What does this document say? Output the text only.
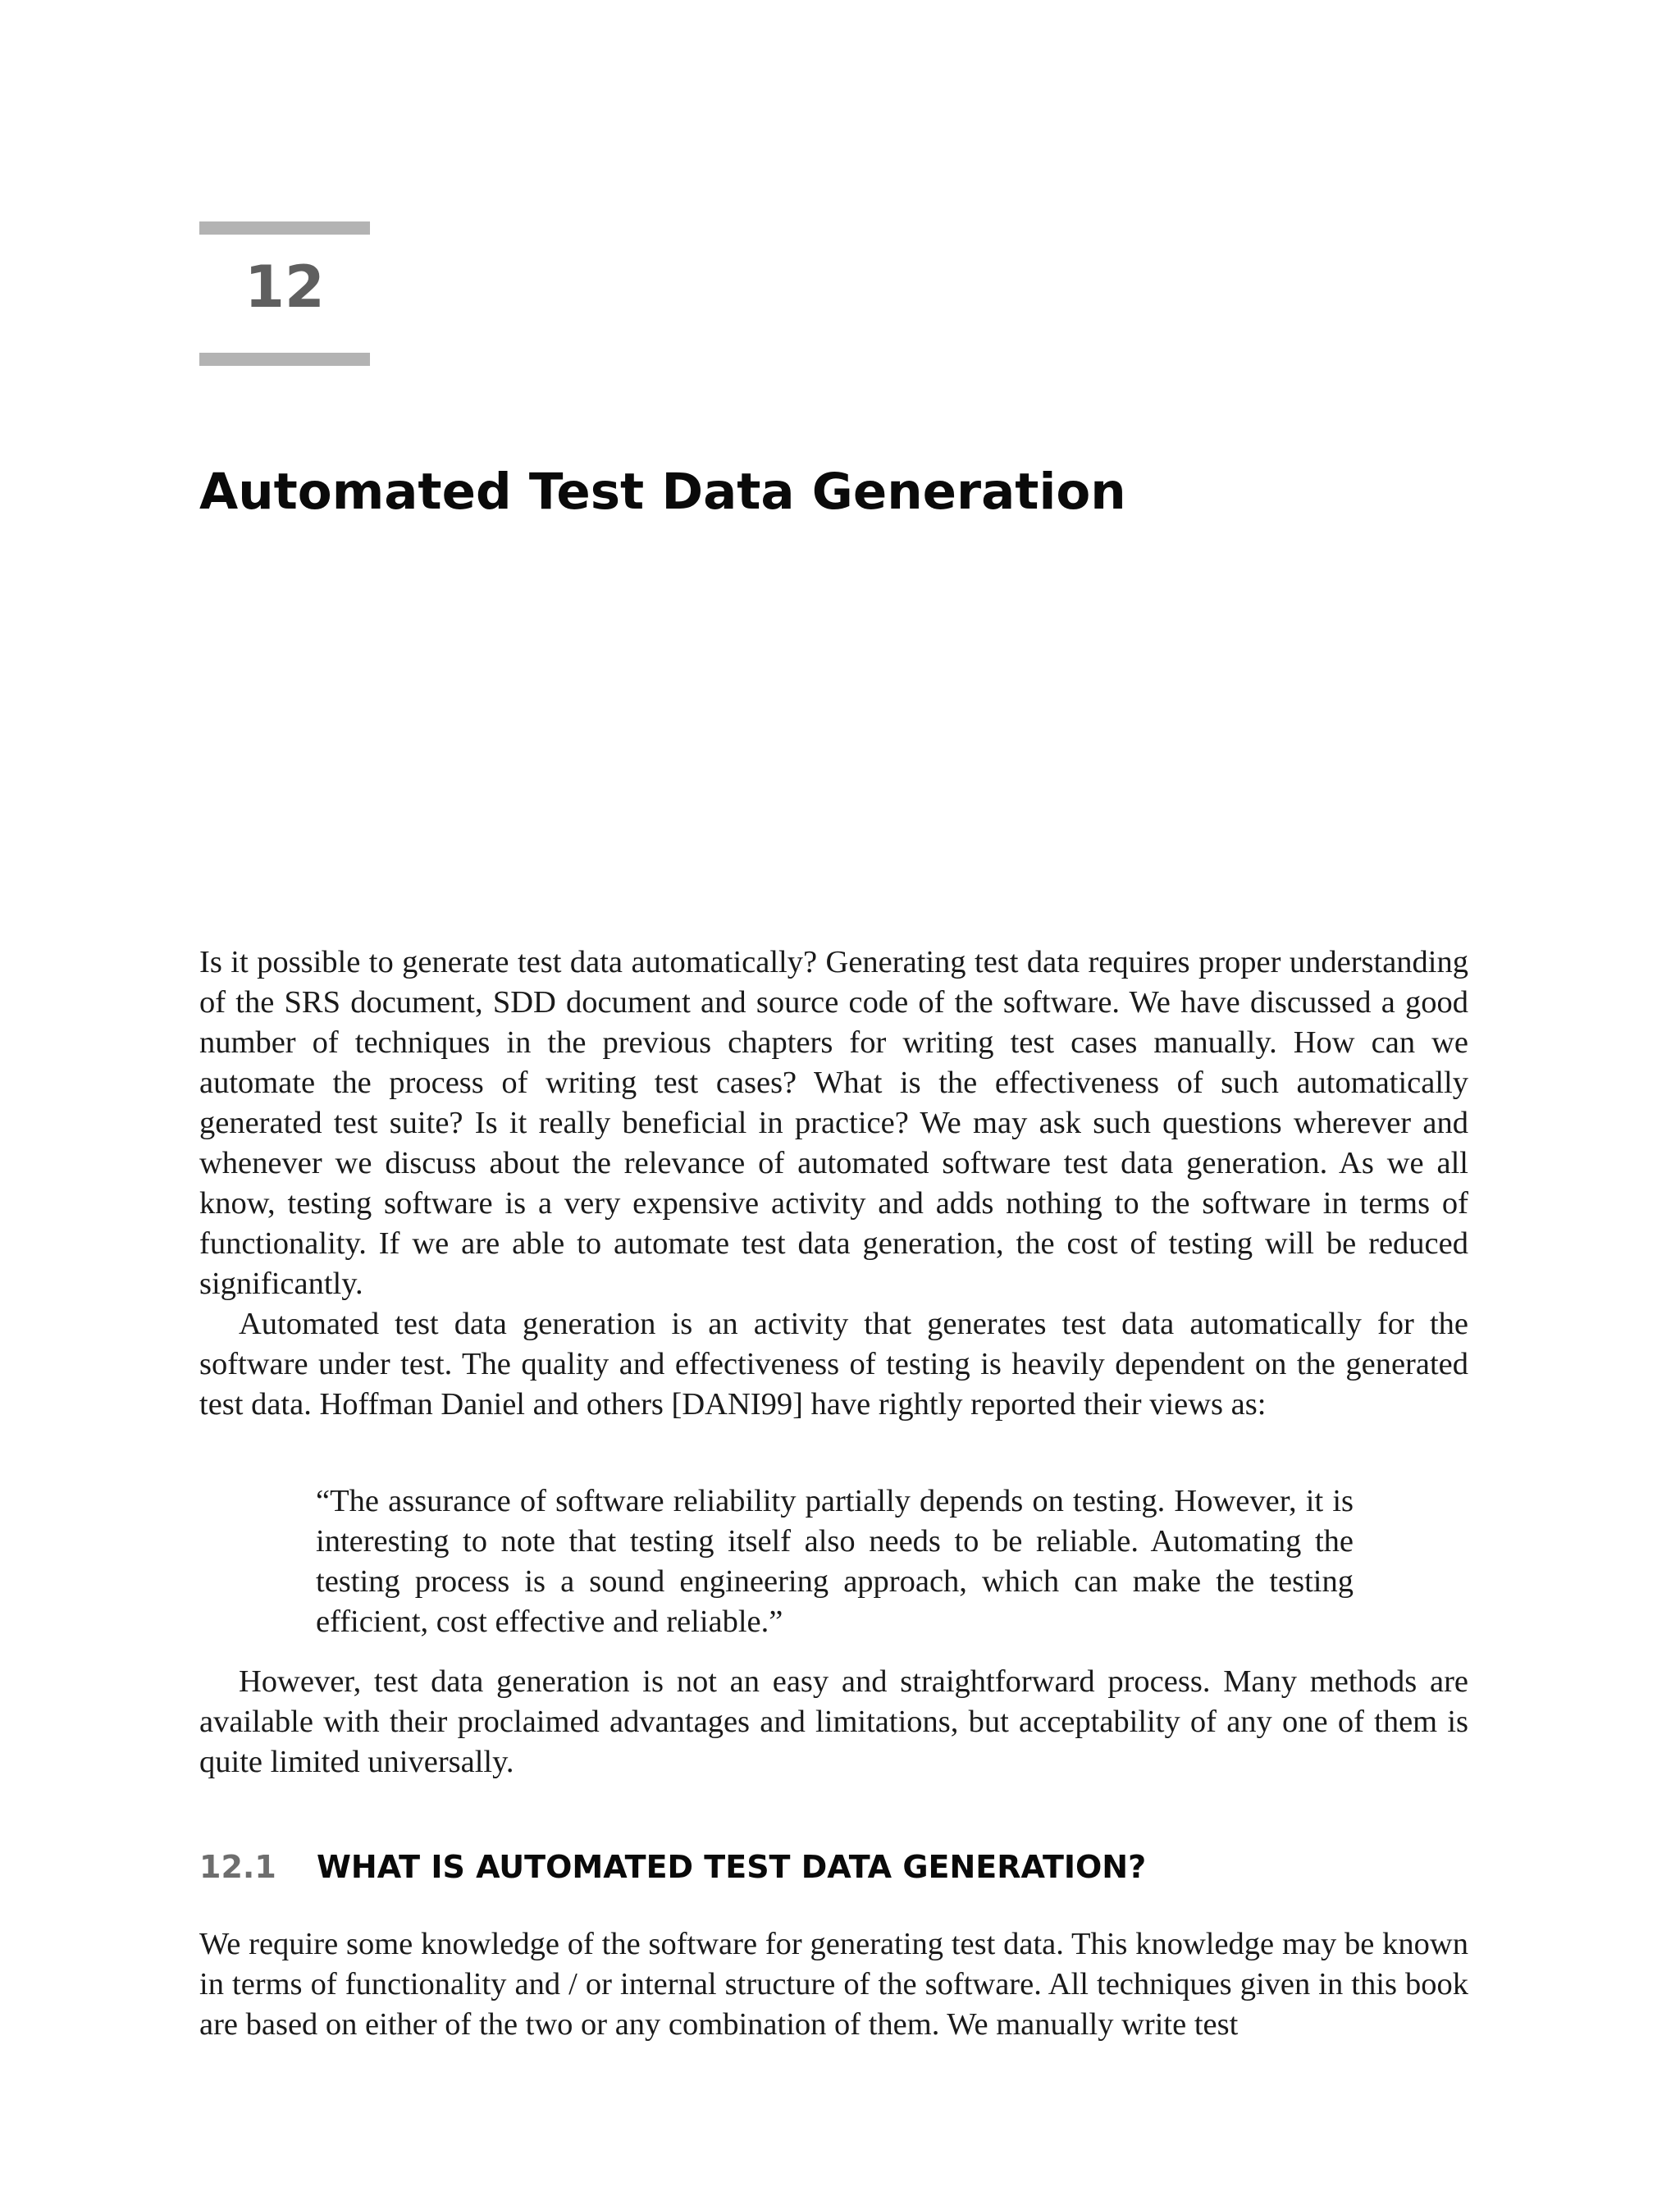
12
Automated Test Data Generation

Is it possible to generate test data automatically? Generating test data requires proper understanding of the SRS document, SDD document and source code of the software. We have discussed a good number of techniques in the previous chapters for writing test cases manually. How can we automate the process of writing test cases? What is the effectiveness of such automatically generated test suite? Is it really beneficial in practice? We may ask such questions wherever and whenever we discuss about the relevance of automated software test data generation. As we all know, testing software is a very expensive activity and adds nothing to the software in terms of functionality. If we are able to automate test data generation, the cost of testing will be reduced significantly.

Automated test data generation is an activity that generates test data automatically for the software under test. The quality and effectiveness of testing is heavily dependent on the generated test data. Hoffman Daniel and others [DANI99] have rightly reported their views as:

“The assurance of software reliability partially depends on testing. However, it is interesting to note that testing itself also needs to be reliable. Automating the testing process is a sound engineering approach, which can make the testing efficient, cost effective and reliable.”

However, test data generation is not an easy and straightforward process. Many methods are available with their proclaimed advantages and limitations, but acceptability of any one of them is quite limited universally.

12.1 WHAT IS AUTOMATED TEST DATA GENERATION?

We require some knowledge of the software for generating test data. This knowledge may be known in terms of functionality and / or internal structure of the software. All techniques given in this book are based on either of the two or any combination of them. We manually write test
